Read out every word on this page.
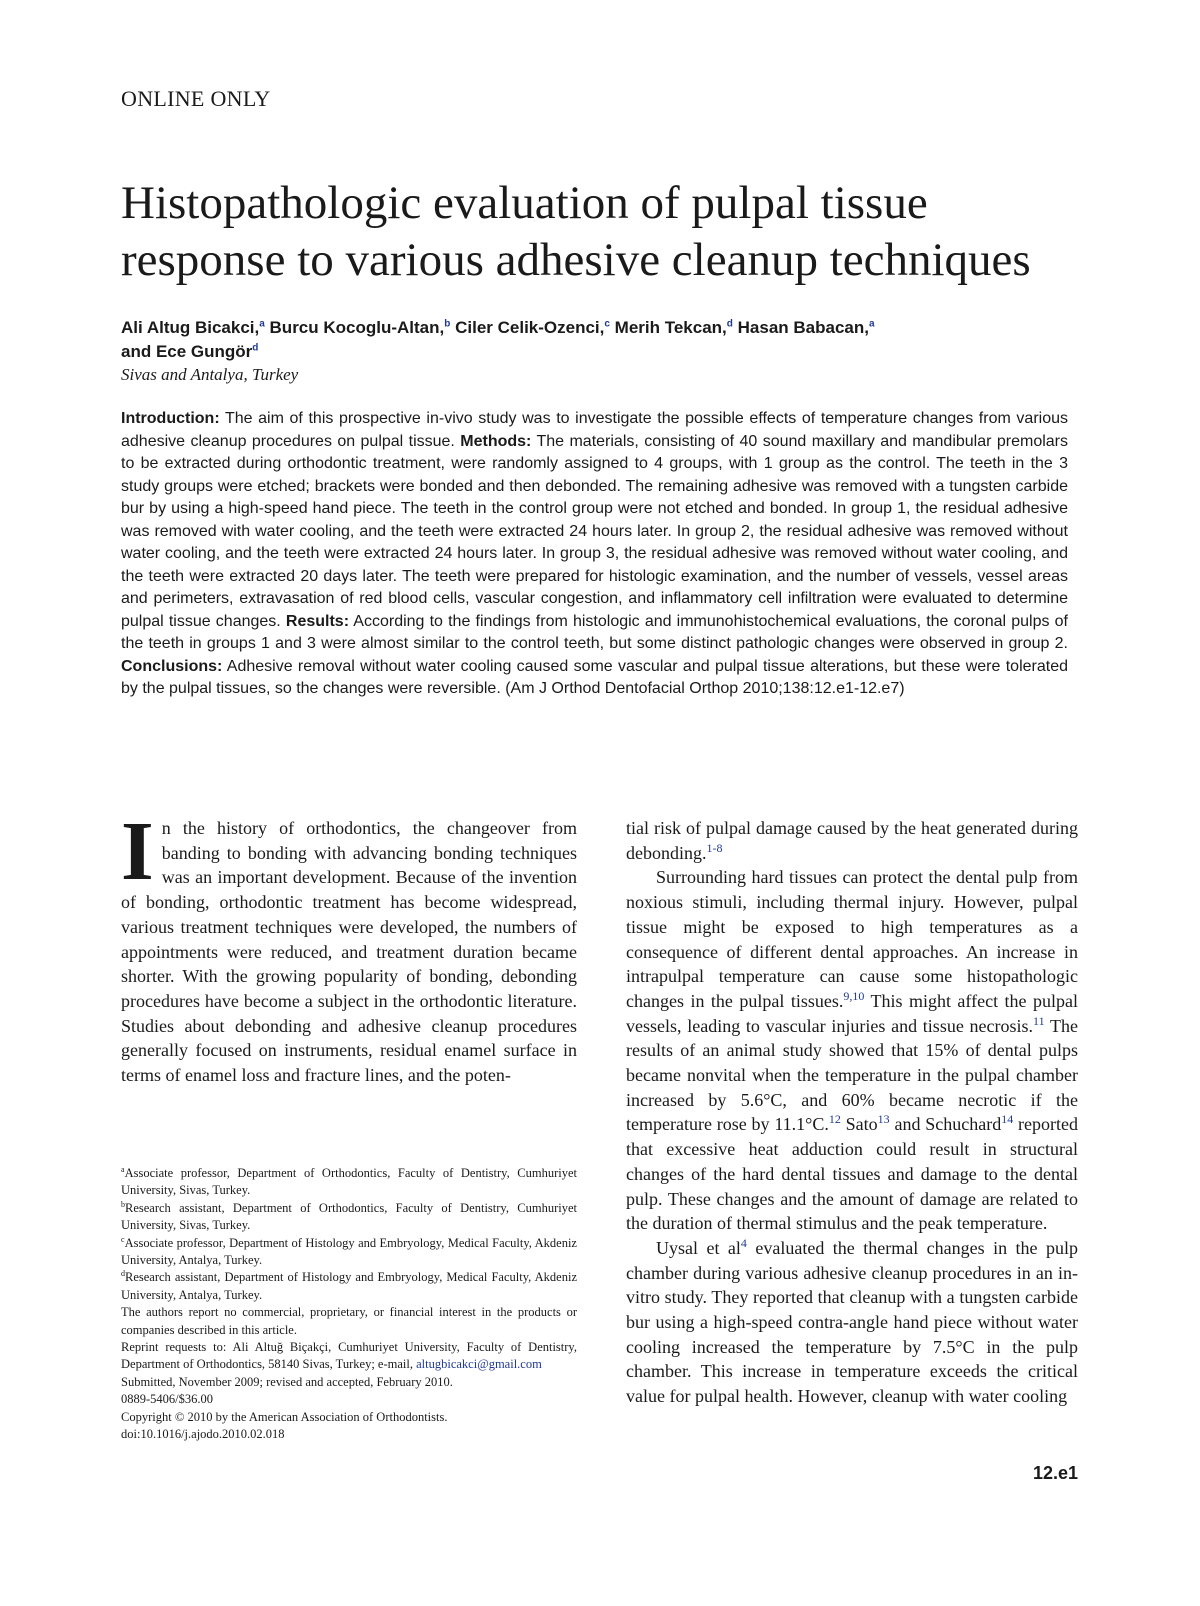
ONLINE ONLY
Histopathologic evaluation of pulpal tissue
response to various adhesive cleanup techniques
Ali Altug Bicakci,$^a$ Burcu Kocoglu-Altan,$^b$ Ciler Celik-Ozenci,$^c$ Merih Tekcan,$^d$ Hasan Babacan,$^a$
and Ece Gungör$^d$
Sivas and Antalya, Turkey

Introduction: The aim of this prospective in-vivo study was to investigate the possible effects of temperature changes from various adhesive cleanup procedures on pulpal tissue. Methods: The materials, consisting of 40 sound maxillary and mandibular premolars to be extracted during orthodontic treatment, were randomly assigned to 4 groups, with 1 group as the control. The teeth in the 3 study groups were etched; brackets were bonded and then debonded. The remaining adhesive was removed with a tungsten carbide bur by using a high-speed hand piece. The teeth in the control group were not etched and bonded. In group 1, the residual adhesive was removed with water cooling, and the teeth were extracted 24 hours later. In group 2, the residual adhesive was removed without water cooling, and the teeth were extracted 24 hours later. In group 3, the residual adhesive was removed without water cooling, and the teeth were extracted 20 days later. The teeth were prepared for histologic examination, and the number of vessels, vessel areas and perimeters, extravasation of red blood cells, vascular congestion, and inflammatory cell infiltration were evaluated to determine pulpal tissue changes. Results: According to the findings from histologic and immunohistochemical evaluations, the coronal pulps of the teeth in groups 1 and 3 were almost similar to the control teeth, but some distinct pathologic changes were observed in group 2. Conclusions: Adhesive removal without water cooling caused some vascular and pulpal tissue alterations, but these were tolerated by the pulpal tissues, so the changes were reversible. (Am J Orthod Dentofacial Orthop 2010;138:12.e1-12.e7)

In the history of orthodontics, the changeover from banding to bonding with advancing bonding techniques was an important development. Because of the invention of bonding, orthodontic treatment has become widespread, various treatment techniques were developed, the numbers of appointments were reduced, and treatment duration became shorter. With the growing popularity of bonding, debonding procedures have become a subject in the orthodontic literature. Studies about debonding and adhesive cleanup procedures generally focused on instruments, residual enamel surface in terms of enamel loss and fracture lines, and the poten-

tial risk of pulpal damage caused by the heat generated during debonding.$^{1-8}$

Surrounding hard tissues can protect the dental pulp from noxious stimuli, including thermal injury. However, pulpal tissue might be exposed to high temperatures as a consequence of different dental approaches. An increase in intrapulpal temperature can cause some histopathologic changes in the pulpal tissues.$^{9,10}$ This might affect the pulpal vessels, leading to vascular injuries and tissue necrosis.$^{11}$ The results of an animal study showed that 15% of dental pulps became nonvital when the temperature in the pulpal chamber increased by 5.6°C, and 60% became necrotic if the temperature rose by 11.1°C.$^{12}$ Sato$^{13}$ and Schuchard$^{14}$ reported that excessive heat adduction could result in structural changes of the hard dental tissues and damage to the dental pulp. These changes and the amount of damage are related to the duration of thermal stimulus and the peak temperature.

Uysal et $al^4$ evaluated the thermal changes in the pulp chamber during various adhesive cleanup procedures in an in-vitro study. They reported that cleanup with a tungsten carbide bur using a high-speed contra-angle hand piece without water cooling increased the temperature by 7.5°C in the pulp chamber. This increase in temperature exceeds the critical value for pulpal health. However, cleanup with water cooling

$^a$Associate professor, Department of Orthodontics, Faculty of Dentistry, Cumhuriyet University, Sivas, Turkey.

$^b$Research assistant, Department of Orthodontics, Faculty of Dentistry, Cumhuriyet University, Sivas, Turkey.

$^c$Associate professor, Department of Histology and Embryology, Medical Faculty, Akdeniz University, Antalya, Turkey.

$^d$Research assistant, Department of Histology and Embryology, Medical Faculty, Akdeniz University, Antalya, Turkey.

The authors report no commercial, proprietary, or financial interest in the products or companies described in this article.

Reprint requests to: Ali Altuğ Biçakçi, Cumhuriyet University, Faculty of Dentistry, Department of Orthodontics, 58140 Sivas, Turkey; e-mail, altugbicakci@gmail.com

Submitted, November 2009; revised and accepted, February 2010.

0889-5406/$36.00

Copyright © 2010 by the American Association of Orthodontists.

doi:10.1016/j.ajodo.2010.02.018

12.e1
